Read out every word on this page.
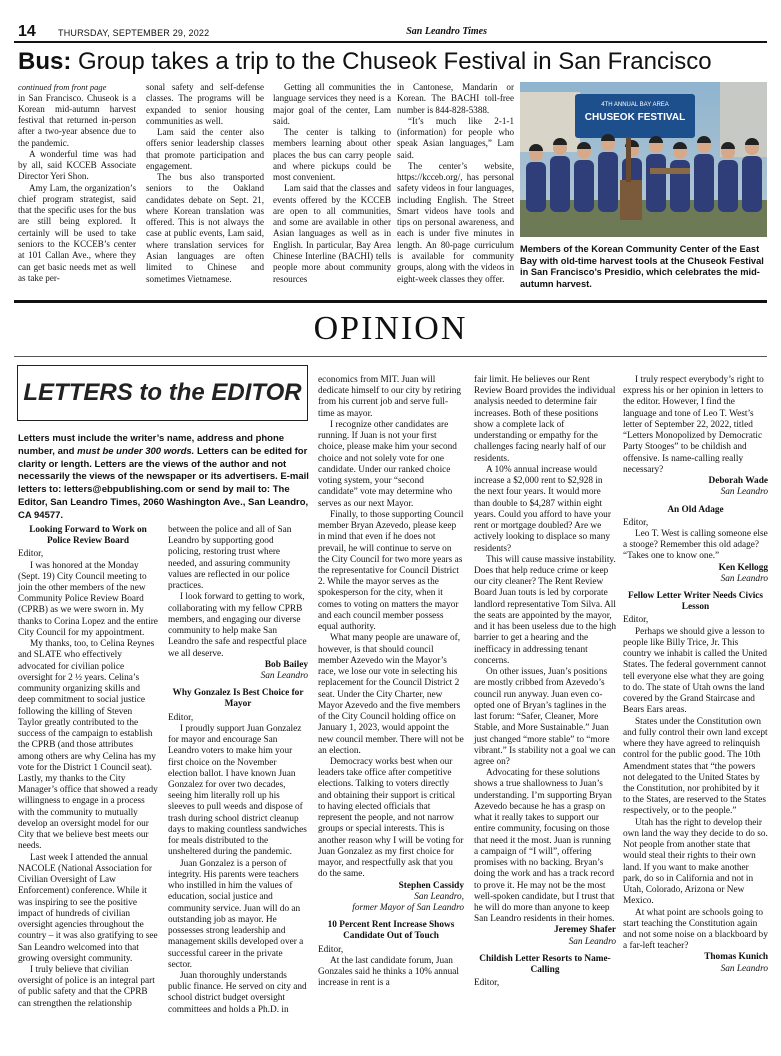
14 THURSDAY, SEPTEMBER 29, 2022	San Leandro Times
Bus: Group takes a trip to the Chuseok Festival in San Francisco

continued from front page

in San Francisco. Chuseok is a Korean mid-autumn harvest festival that returned in-person after a two-year absence due to the pandemic.

A wonderful time was had by all, said KCCEB Associate Director Yeri Shon.

Amy Lam, the organization’s chief program strategist, said that the specific uses for the bus are still being explored. It certainly will be used to take seniors to the KCCEB’s center at 101 Callan Ave., where they can get basic needs met as well as take per-

sonal safety and self-defense classes. The programs will be expanded to senior housing communities as well.

Lam said the center also offers senior leadership classes that promote participation and engagement.

The bus also transported seniors to the Oakland candidates debate on Sept. 21, where Korean translation was offered. This is not always the case at public events, Lam said, where translation services for Asian languages are often limited to Chinese and sometimes Vietnamese.

Getting all communities the language services they need is a major goal of the center, Lam said.

The center is talking to members learning about other places the bus can carry people and where pickups could be most convenient.

Lam said that the classes and events offered by the KCCEB are open to all communities, and some are available in other Asian languages as well as in English. In particular, Bay Area Chinese Interline (BACHI) tells people more about community resources

in Cantonese, Mandarin or Korean. The BACHI toll-free number is 844-828-5388.

“It’s much like 2-1-1 (information) for people who speak Asian languages,” Lam said.

The center’s website, https://kcceb.org/, has personal safety videos in four languages, including English. The Street Smart videos have tools and tips on personal awareness, and each is under five minutes in length. An 80-page curriculum is available for community groups, along with the videos in eight-week classes they offer.

4TH ANNUAL BAY AREA
CHUSEOK FESTIVAL
Members of the Korean Community Center of the East Bay with old-time harvest tools at the Chuseok Festival in San Francisco’s Presidio, which celebrates the mid-autumn harvest.
OPINION
LETTERS to the EDITOR
Letters must include the writer’s name, address and phone number, and must be under 300 words. Letters can be edited for clarity or length. Letters are the views of the author and not necessarily the views of the newspaper or its advertisers. E-mail letters to: letters@ebpublishing.com or send by mail to: The Editor, San Leandro Times, 2060 Washington Ave., San Leandro, CA 94577.
Looking Forward to Work on Police Review Board

Editor,

I was honored at the Monday (Sept. 19) City Council meeting to join the other members of the new Community Police Review Board (CPRB) as we were sworn in. My thanks to Corina Lopez and the entire City Council for my appointment.

My thanks, too, to Celina Reynes and SLATE who effectively advocated for civilian police oversight for 2 ½ years. Celina’s community organizing skills and deep commitment to social justice following the killing of Steven Taylor greatly contributed to the success of the campaign to establish the CPRB (and those attributes among others are why Celina has my vote for the District 1 Council seat). Lastly, my thanks to the City Manager’s office that showed a ready willingness to engage in a process with the community to mutually develop an oversight model for our City that we believe best meets our needs.

Last week I attended the annual NACOLE (National Association for Civilian Oversight of Law Enforcement) conference. While it was inspiring to see the positive impact of hundreds of civilian oversight agencies throughout the country – it was also gratifying to see San Leandro welcomed into that growing oversight community.

I truly believe that civilian oversight of police is an integral part of public safety and that the CPRB can strengthen the relationship

between the police and all of San Leandro by supporting good policing, restoring trust where needed, and assuring community values are reflected in our police practices.

I look forward to getting to work, collaborating with my fellow CPRB members, and engaging our diverse community to help make San Leandro the safe and respectful place we all deserve.

Bob Bailey

San Leandro

Why Gonzalez Is Best Choice for Mayor

Editor,

I proudly support Juan Gonzalez for mayor and encourage San Leandro voters to make him your first choice on the November election ballot. I have known Juan Gonzalez for over two decades, seeing him literally roll up his sleeves to pull weeds and dispose of trash during school district cleanup days to making countless sandwiches for meals distributed to the unsheltered during the pandemic.

Juan Gonzalez is a person of integrity. His parents were teachers who instilled in him the values of education, social justice and community service. Juan will do an outstanding job as mayor. He possesses strong leadership and management skills developed over a successful career in the private sector.

Juan thoroughly understands public finance. He served on city and school district budget oversight committees and holds a Ph.D. in

economics from MIT. Juan will dedicate himself to our city by retiring from his current job and serve full-time as mayor.

I recognize other candidates are running. If Juan is not your first choice, please make him your second choice and not solely vote for one candidate. Under our ranked choice voting system, your “second candidate” vote may determine who serves as our next Mayor.

Finally, to those supporting Council member Bryan Azevedo, please keep in mind that even if he does not prevail, he will continue to serve on the City Council for two more years as the representative for Council District 2. While the mayor serves as the spokesperson for the city, when it comes to voting on matters the mayor and each council member possess equal authority.

What many people are unaware of, however, is that should council member Azevedo win the Mayor’s race, we lose our vote in selecting his replacement for the Council District 2 seat. Under the City Charter, new Mayor Azevedo and the five members of the City Council holding office on January 1, 2023, would appoint the new council member. There will not be an election.

Democracy works best when our leaders take office after competitive elections. Talking to voters directly and obtaining their support is critical to having elected officials that represent the people, and not narrow groups or special interests. This is another reason why I will be voting for Juan Gonzalez as my first choice for mayor, and respectfully ask that you do the same.

Stephen Cassidy

San Leandro,

former Mayor of San Leandro

10 Percent Rent Increase Shows Candidate Out of Touch

Editor,

At the last candidate forum, Juan Gonzales said he thinks a 10% annual increase in rent is a

fair limit. He believes our Rent Review Board provides the individual analysis needed to determine fair increases. Both of these positions show a complete lack of understanding or empathy for the challenges facing nearly half of our residents.

A 10% annual increase would increase a $2,000 rent to $2,928 in the next four years. It would more than double to $4,287 within eight years. Could you afford to have your rent or mortgage doubled? Are we actively looking to displace so many residents?

This will cause massive instability. Does that help reduce crime or keep our city cleaner? The Rent Review Board Juan touts is led by corporate landlord representative Tom Silva. All the seats are appointed by the mayor, and it has been useless due to the high barrier to get a hearing and the inefficacy in addressing tenant concerns.

On other issues, Juan’s positions are mostly cribbed from Azevedo’s council run anyway. Juan even co-opted one of Bryan’s taglines in the last forum: “Safer, Cleaner, More Stable, and More Sustainable.” Juan just changed “more stable” to “more vibrant.” Is stability not a goal we can agree on?

Advocating for these solutions shows a true shallowness to Juan’s understanding. I’m supporting Bryan Azevedo because he has a grasp on what it really takes to support our entire community, focusing on those that need it the most. Juan is running a campaign of “I will”, offering promises with no backing. Bryan’s doing the work and has a track record to prove it. He may not be the most well-spoken candidate, but I trust that he will do more than anyone to keep San Leandro residents in their homes.

Jeremey Shafer

San Leandro

Childish Letter Resorts to Name-Calling

Editor,

I truly respect everybody’s right to express his or her opinion in letters to the editor. However, I find the language and tone of Leo T. West’s letter of September 22, 2022, titled “Letters Monopolized by Democratic Party Stooges” to be childish and offensive. Is name-calling really necessary?

Deborah Wade

San Leandro

An Old Adage

Editor,

Leo T. West is calling someone else a stooge? Remember this old adage? “Takes one to know one.”

Ken Kellogg

San Leandro

Fellow Letter Writer Needs Civics Lesson

Editor,

Perhaps we should give a lesson to people like Billy Trice, Jr. This country we inhabit is called the United States. The federal government cannot tell everyone else what they are going to do. The state of Utah owns the land covered by the Grand Staircase and Bears Ears areas.

States under the Constitution own and fully control their own land except where they have agreed to relinquish control for the public good. The 10th Amendment states that “the powers not delegated to the United States by the Constitution, nor prohibited by it to the States, are reserved to the States respectively, or to the people.”

Utah has the right to develop their own land the way they decide to do so. Not people from another state that would steal their rights to their own land. If you want to make another park, do so in California and not in Utah, Colorado, Arizona or New Mexico.

At what point are schools going to start teaching the Constitution again and not some noise on a blackboard by a far-left teacher?

Thomas Kunich

San Leandro
